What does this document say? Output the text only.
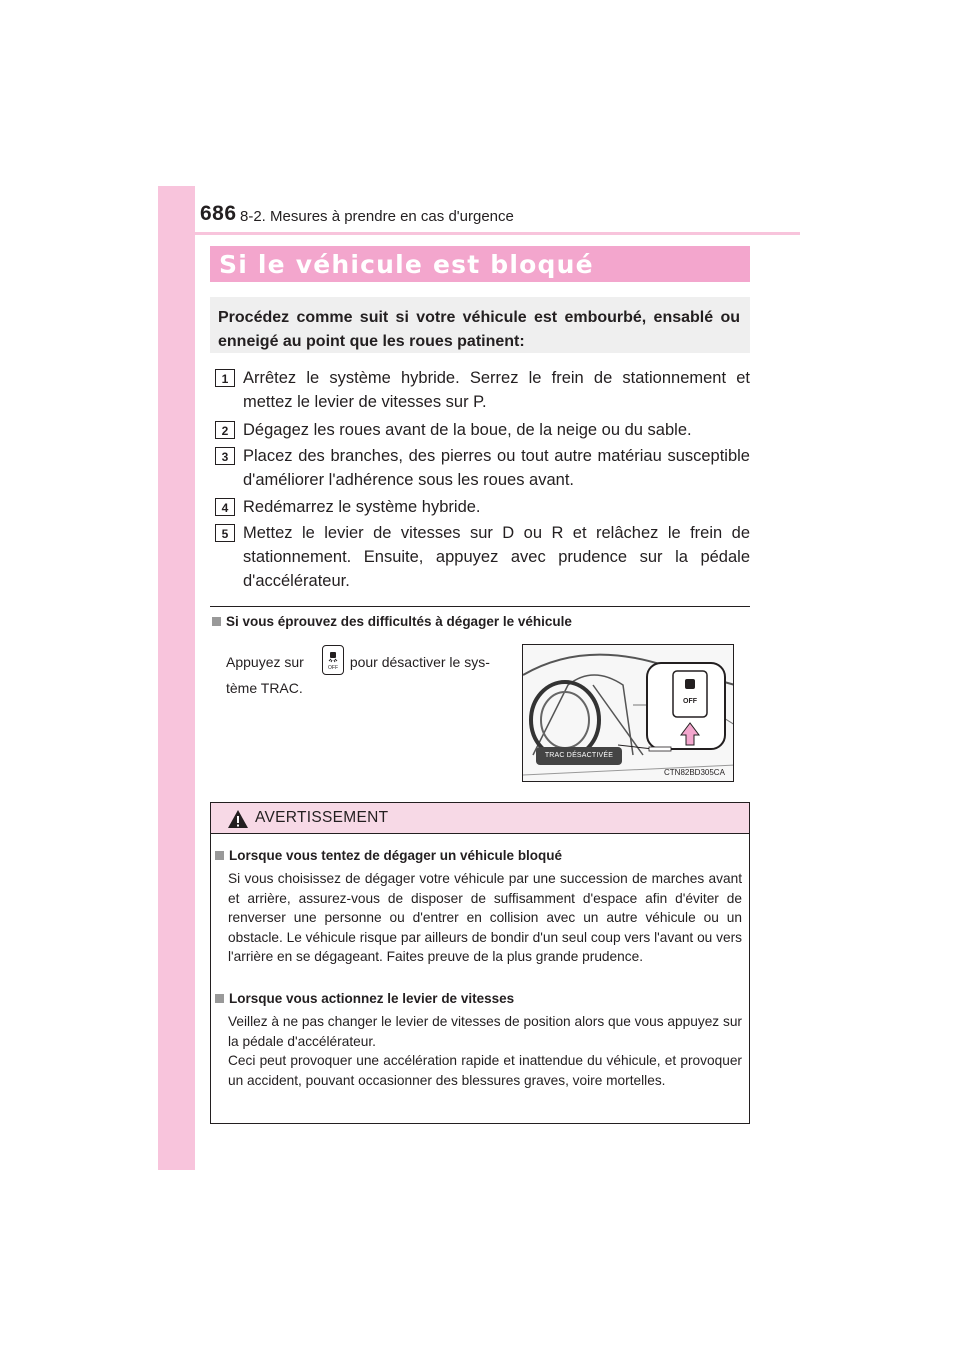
686 8-2. Mesures à prendre en cas d'urgence
Si le véhicule est bloqué
Procédez comme suit si votre véhicule est embourbé, ensablé ou enneigé au point que les roues patinent:
1 Arrêtez le système hybride. Serrez le frein de stationnement et mettez le levier de vitesses sur P.
2 Dégagez les roues avant de la boue, de la neige ou du sable.
3 Placez des branches, des pierres ou tout autre matériau susceptible d'améliorer l'adhérence sous les roues avant.
4 Redémarrez le système hybride.
5 Mettez le levier de vitesses sur D ou R et relâchez le frein de stationnement. Ensuite, appuyez avec prudence sur la pédale d'accélérateur.
Si vous éprouvez des difficultés à dégager le véhicule
Appuyez sur	pour désactiver le sys-
tème TRAC.
OFF
OFF
TRAC DÉSACTIVÉE
CTN82BD305CA
AVERTISSEMENT
Lorsque vous tentez de dégager un véhicule bloqué
Si vous choisissez de dégager votre véhicule par une succession de marches avant et arrière, assurez-vous de disposer de suffisamment d'espace afin d'éviter de renverser une personne ou d'entrer en collision avec un autre véhicule ou un obstacle. Le véhicule risque par ailleurs de bondir d'un seul coup vers l'avant ou vers l'arrière en se dégageant. Faites preuve de la plus grande prudence.
Lorsque vous actionnez le levier de vitesses
Veillez à ne pas changer le levier de vitesses de position alors que vous appuyez sur la pédale d'accélérateur.
Ceci peut provoquer une accélération rapide et inattendue du véhicule, et provoquer un accident, pouvant occasionner des blessures graves, voire mortelles.
